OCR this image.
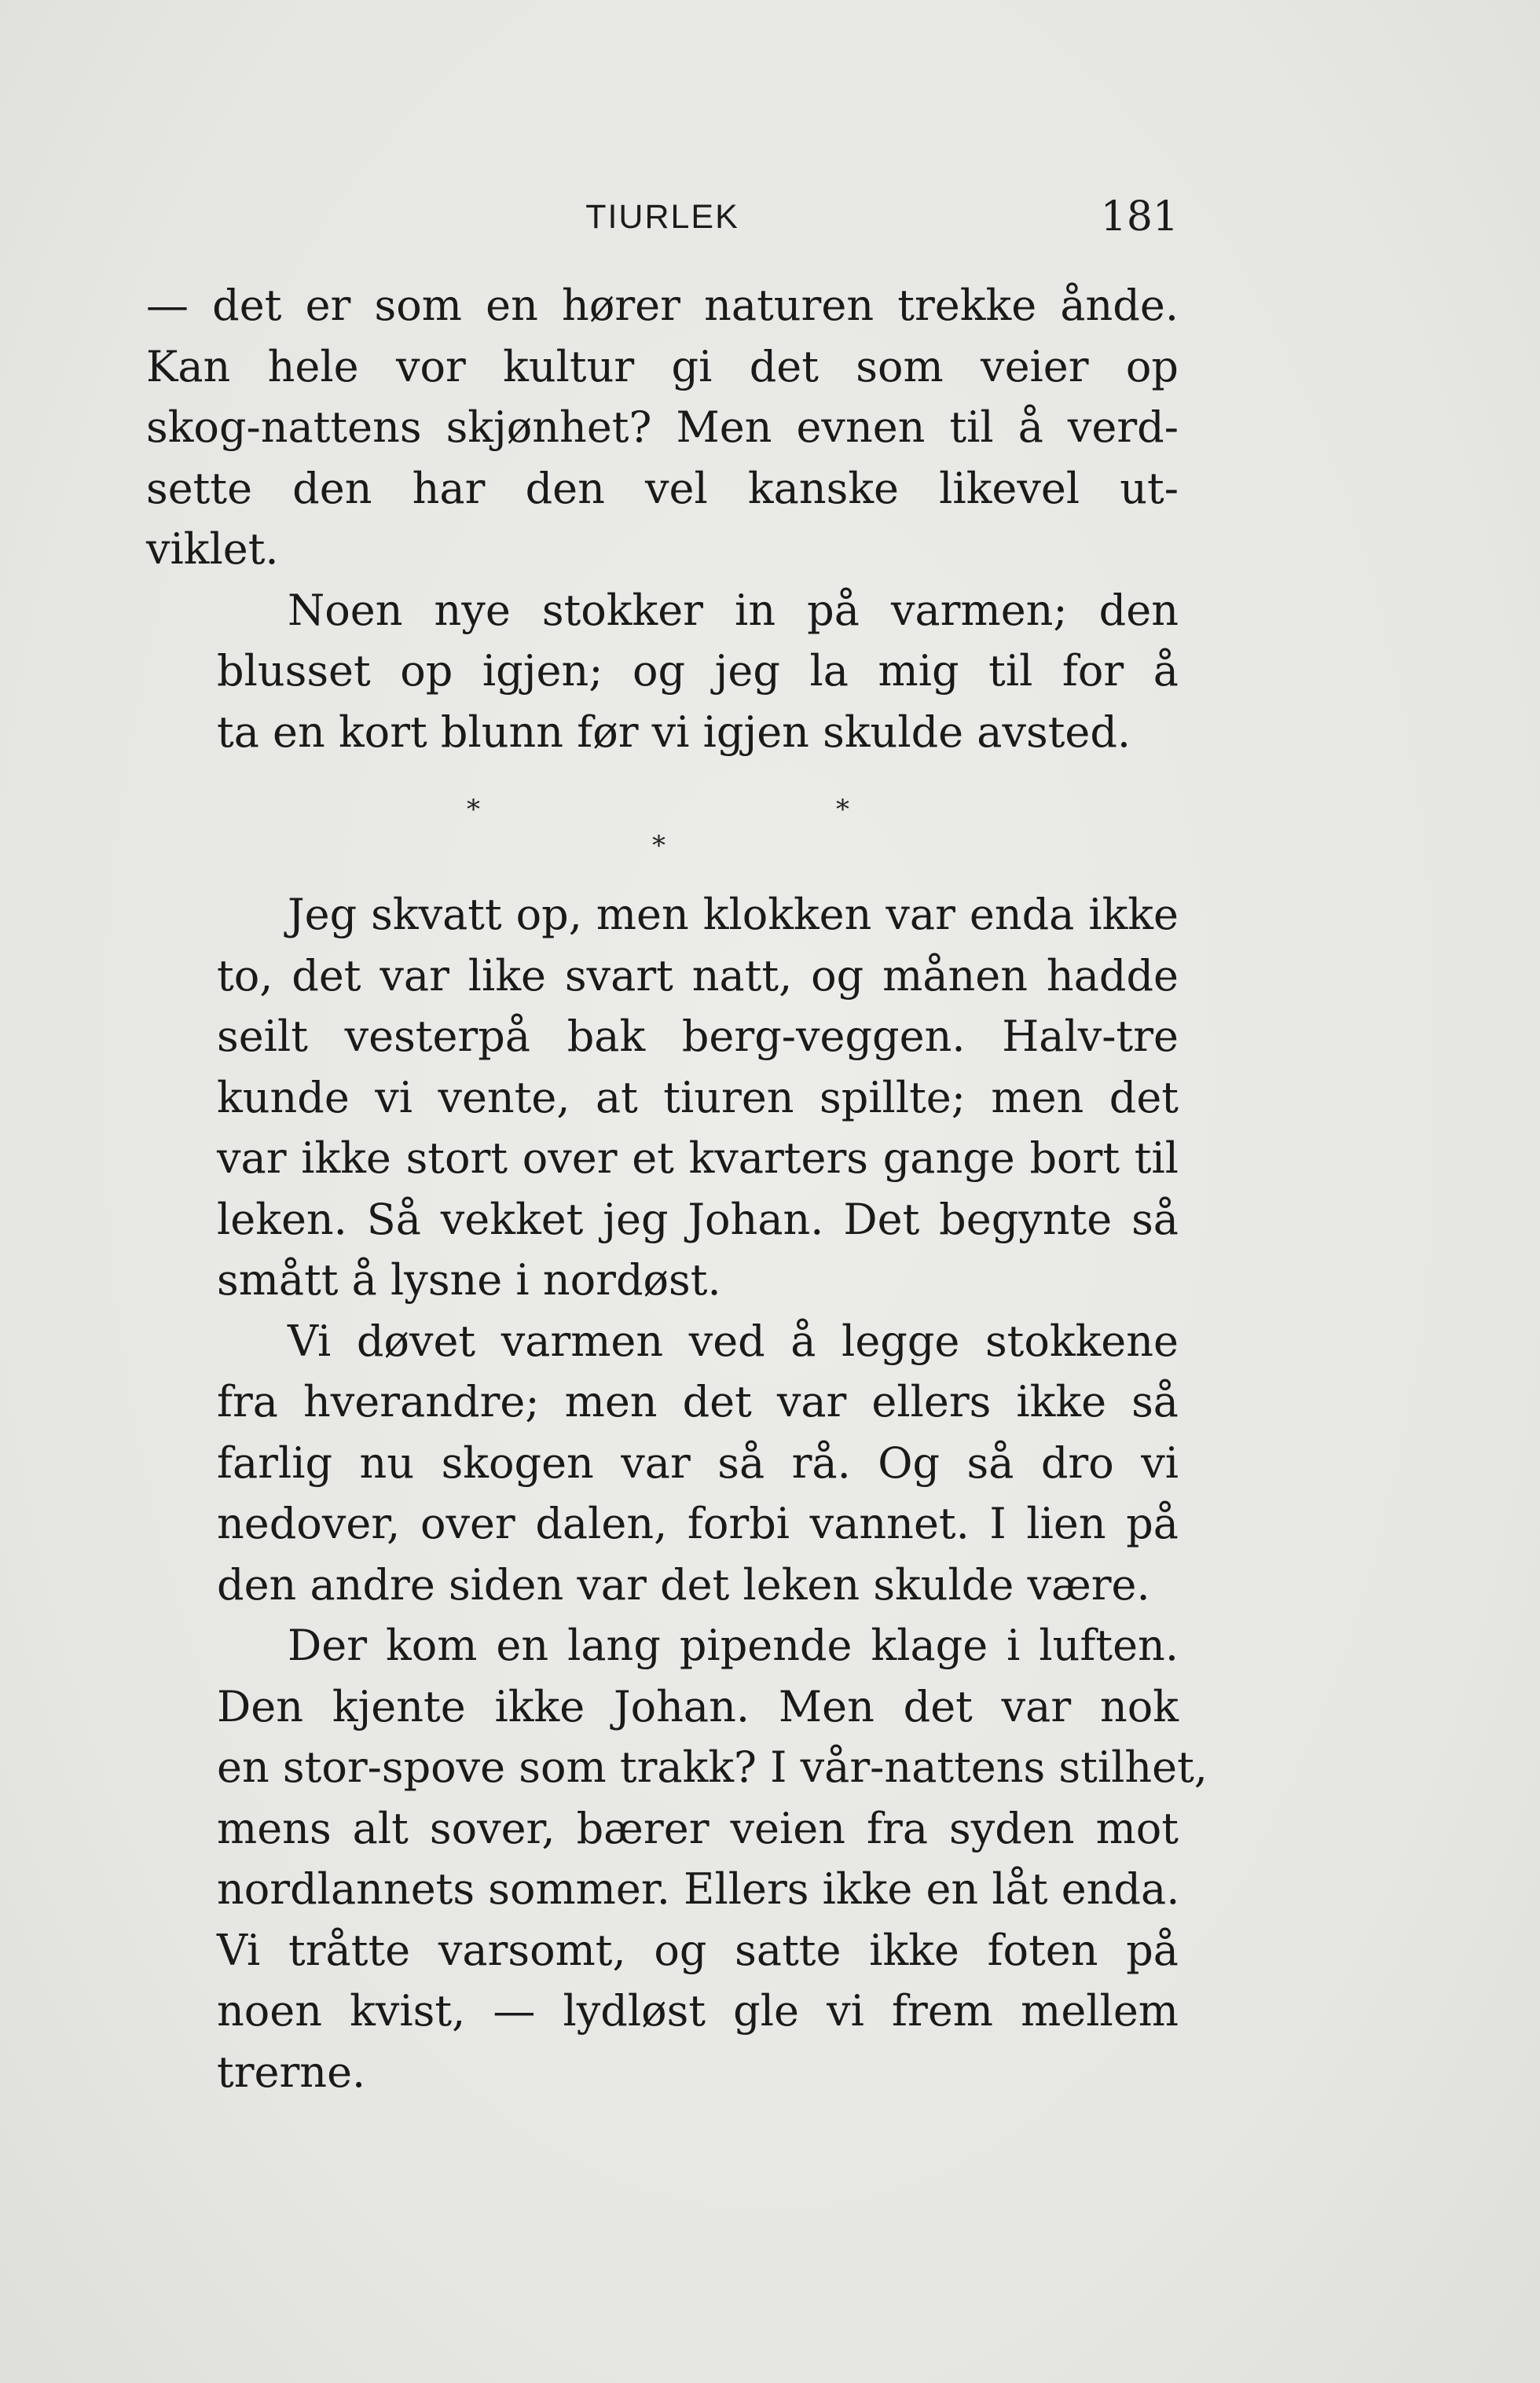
TIURLEK	181
— det er som en hører naturen trekke ånde.
Kan hele vor kultur gi det som veier op
skog-nattens skjønhet? Men evnen til å verd-
sette den har den vel kanske likevel ut-
viklet.
Noen nye stokker in på varmen; den
blusset op igjen; og jeg la mig til for å
ta en kort blunn før vi igjen skulde avsted.
*
*
*
Jeg skvatt op, men klokken var enda ikke
to, det var like svart natt, og månen hadde
seilt vesterpå bak berg-veggen. Halv-tre
kunde vi vente, at tiuren spillte; men det
var ikke stort over et kvarters gange bort til
leken. Så vekket jeg Johan. Det begynte så
smått å lysne i nordøst.
Vi døvet varmen ved å legge stokkene
fra hverandre; men det var ellers ikke så
farlig nu skogen var så rå. Og så dro vi
nedover, over dalen, forbi vannet. I lien på
den andre siden var det leken skulde være.
Der kom en lang pipende klage i luften.
Den kjente ikke Johan. Men det var nok
en stor-spove som trakk? I vår-nattens stilhet,
mens alt sover, bærer veien fra syden mot
nordlannets sommer. Ellers ikke en låt enda.
Vi tråtte varsomt, og satte ikke foten på
noen kvist, — lydløst gle vi frem mellem
trerne.
